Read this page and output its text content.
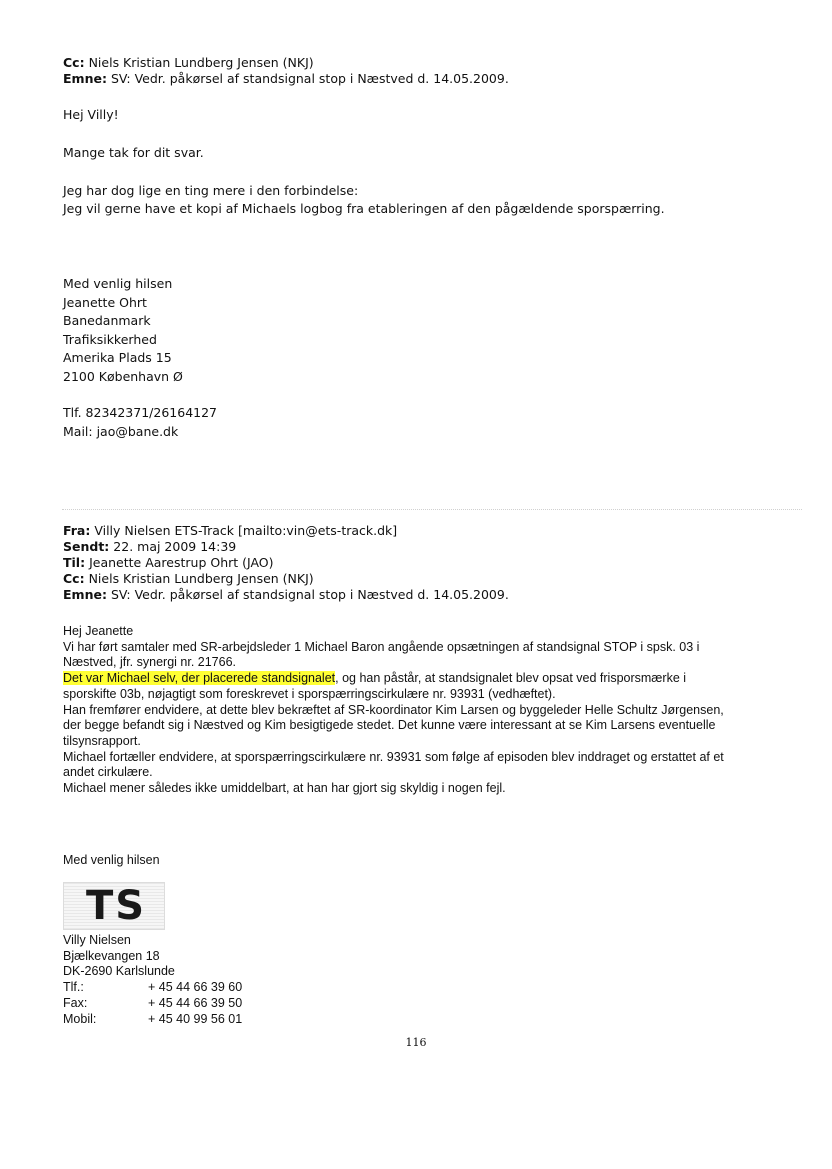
Cc: Niels Kristian Lundberg Jensen (NKJ)
Emne: SV: Vedr. påkørsel af standsignal stop i Næstved d. 14.05.2009.
Hej Villy!
Mange tak for dit svar.
Jeg har dog lige en ting mere i den forbindelse:
Jeg vil gerne have et kopi af Michaels logbog fra etableringen af den pågældende sporspærring.
Med venlig hilsen
Jeanette Ohrt
Banedanmark
Trafiksikkerhed
Amerika Plads 15
2100 København Ø
Tlf. 82342371/26164127
Mail: jao@bane.dk
Fra: Villy Nielsen ETS-Track [mailto:vin@ets-track.dk]
Sendt: 22. maj 2009 14:39
Til: Jeanette Aarestrup Ohrt (JAO)
Cc: Niels Kristian Lundberg Jensen (NKJ)
Emne: SV: Vedr. påkørsel af standsignal stop i Næstved d. 14.05.2009.

Hej Jeanette

Vi har ført samtaler med SR-arbejdsleder 1 Michael Baron angående opsætningen af standsignal STOP i spsk. 03 i

Næstved, jfr. synergi nr. 21766.

Det var Michael selv, der placerede standsignalet, og han påstår, at standsignalet blev opsat ved frisporsmærke i

sporskifte 03b, nøjagtigt som foreskrevet i sporspærringscirkulære nr. 93931 (vedhæftet).

Han fremfører endvidere, at dette blev bekræftet af SR-koordinator Kim Larsen og byggeleder Helle Schultz Jørgensen,

der begge befandt sig i Næstved og Kim besigtigede stedet. Det kunne være interessant at se Kim Larsens eventuelle

tilsynsrapport.

Michael fortæller endvidere, at sporspærringscirkulære nr. 93931 som følge af episoden blev inddraget og erstattet af et

andet cirkulære.

Michael mener således ikke umiddelbart, at han har gjort sig skyldig i nogen fejl.

Med venlig hilsen
TS

Villy Nielsen

Bjælkevangen 18

DK-2690 Karlslunde

Tlf.:	+ 45 44 66 39 60
Fax:	+ 45 44 66 39 50
Mobil:	+ 45 40 99 56 01
116
